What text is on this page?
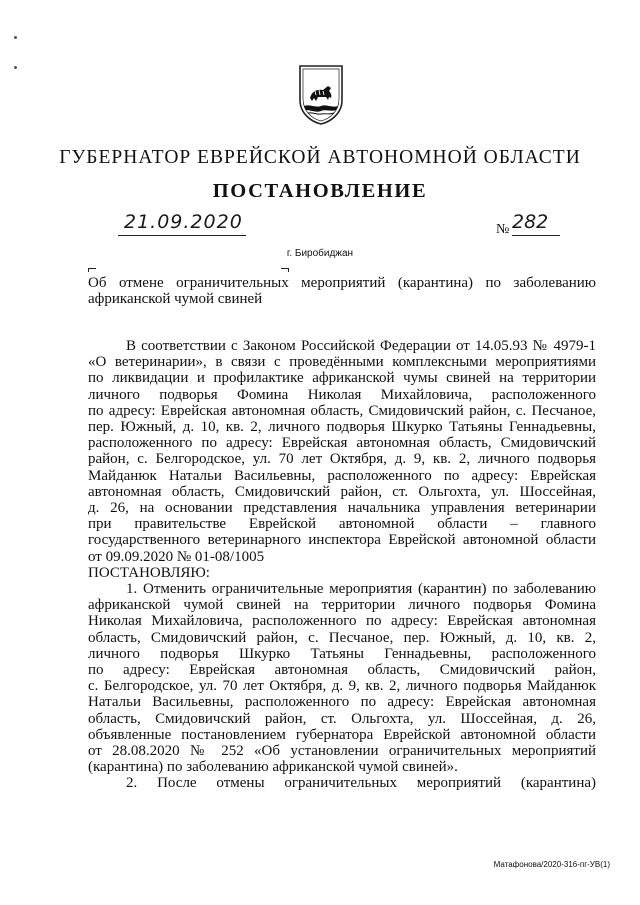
ГУБЕРНАТОР ЕВРЕЙСКОЙ АВТОНОМНОЙ ОБЛАСТИ
ПОСТАНОВЛЕНИЕ
21.09.2020	№ 282
г. Биробиджан
Об отмене ограничительных мероприятий (карантина) по заболеванию
африканской чумой свиней
В соответствии с Законом Российской Федерации от 14.05.93 № 4979-1
«О ветеринарии», в связи с проведёнными комплексными мероприятиями
по ликвидации и профилактике африканской чумы свиней на территории
личного подворья Фомина Николая Михайловича, расположенного
по адресу: Еврейская автономная область, Смидовичский район, с. Песчаное,
пер. Южный, д. 10, кв. 2, личного подворья Шкурко Татьяны Геннадьевны,
расположенного по адресу: Еврейская автономная область, Смидовичский
район, с. Белгородское, ул. 70 лет Октября, д. 9, кв. 2, личного подворья
Майданюк Натальи Васильевны, расположенного по адресу: Еврейская
автономная область, Смидовичский район, ст. Ольгохта, ул. Шоссейная,
д. 26, на основании представления начальника управления ветеринарии
при правительстве Еврейской автономной области – главного
государственного ветеринарного инспектора Еврейской автономной области
от 09.09.2020 № 01-08/1005
ПОСТАНОВЛЯЮ:
1. Отменить ограничительные мероприятия (карантин) по заболеванию
африканской чумой свиней на территории личного подворья Фомина
Николая Михайловича, расположенного по адресу: Еврейская автономная
область, Смидовичский район, с. Песчаное, пер. Южный, д. 10, кв. 2,
личного подворья Шкурко Татьяны Геннадьевны, расположенного
по адресу: Еврейская автономная область, Смидовичский район,
с. Белгородское, ул. 70 лет Октября, д. 9, кв. 2, личного подворья Майданюк
Натальи Васильевны, расположенного по адресу: Еврейская автономная
область, Смидовичский район, ст. Ольгохта, ул. Шоссейная, д. 26,
объявленные постановлением губернатора Еврейской автономной области
от 28.08.2020 № 252 «Об установлении ограничительных мероприятий
(карантина) по заболеванию африканской чумой свиней».
2. После отмены ограничительных мероприятий (карантина)
Матафонова/2020-316-пг-УВ(1)
